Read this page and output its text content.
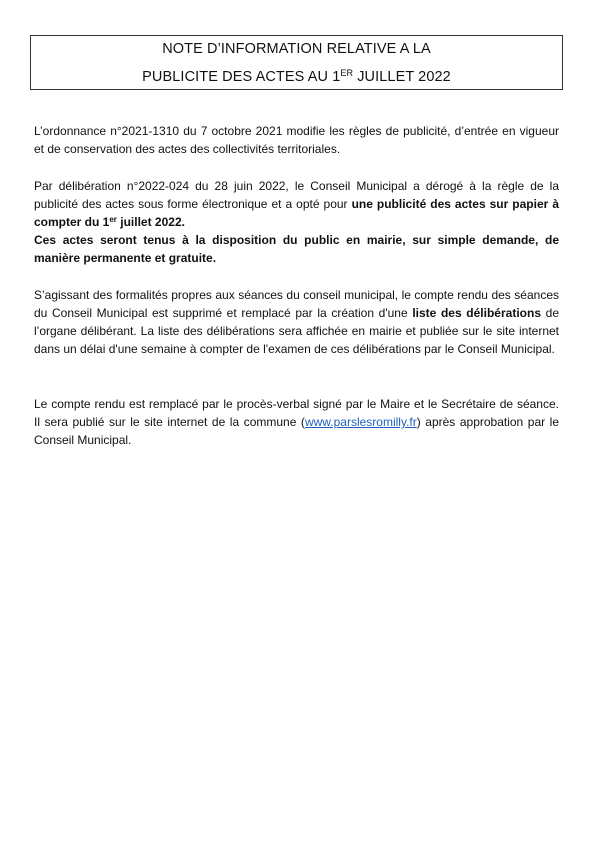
NOTE D’INFORMATION RELATIVE A LA
PUBLICITE DES ACTES AU 1ER JUILLET 2022

L’ordonnance n°2021-1310 du 7 octobre 2021 modifie les règles de publicité, d’entrée en vigueur et de conservation des actes des collectivités territoriales.

Par délibération n°2022-024 du 28 juin 2022, le Conseil Municipal a dérogé à la règle de la publicité des actes sous forme électronique et a opté pour une publicité des actes sur papier à compter du 1er juillet 2022.
Ces actes seront tenus à la disposition du public en mairie, sur simple demande, de manière permanente et gratuite.

S’agissant des formalités propres aux séances du conseil municipal, le compte rendu des séances du Conseil Municipal est supprimé et remplacé par la création d'une liste des délibérations de l’organe délibérant. La liste des délibérations sera affichée en mairie et publiée sur le site internet dans un délai d'une semaine à compter de l'examen de ces délibérations par le Conseil Municipal.

Le compte rendu est remplacé par le procès-verbal signé par le Maire et le Secrétaire de séance. Il sera publié sur le site internet de la commune (www.parslesromilly.fr) après approbation par le Conseil Municipal.
